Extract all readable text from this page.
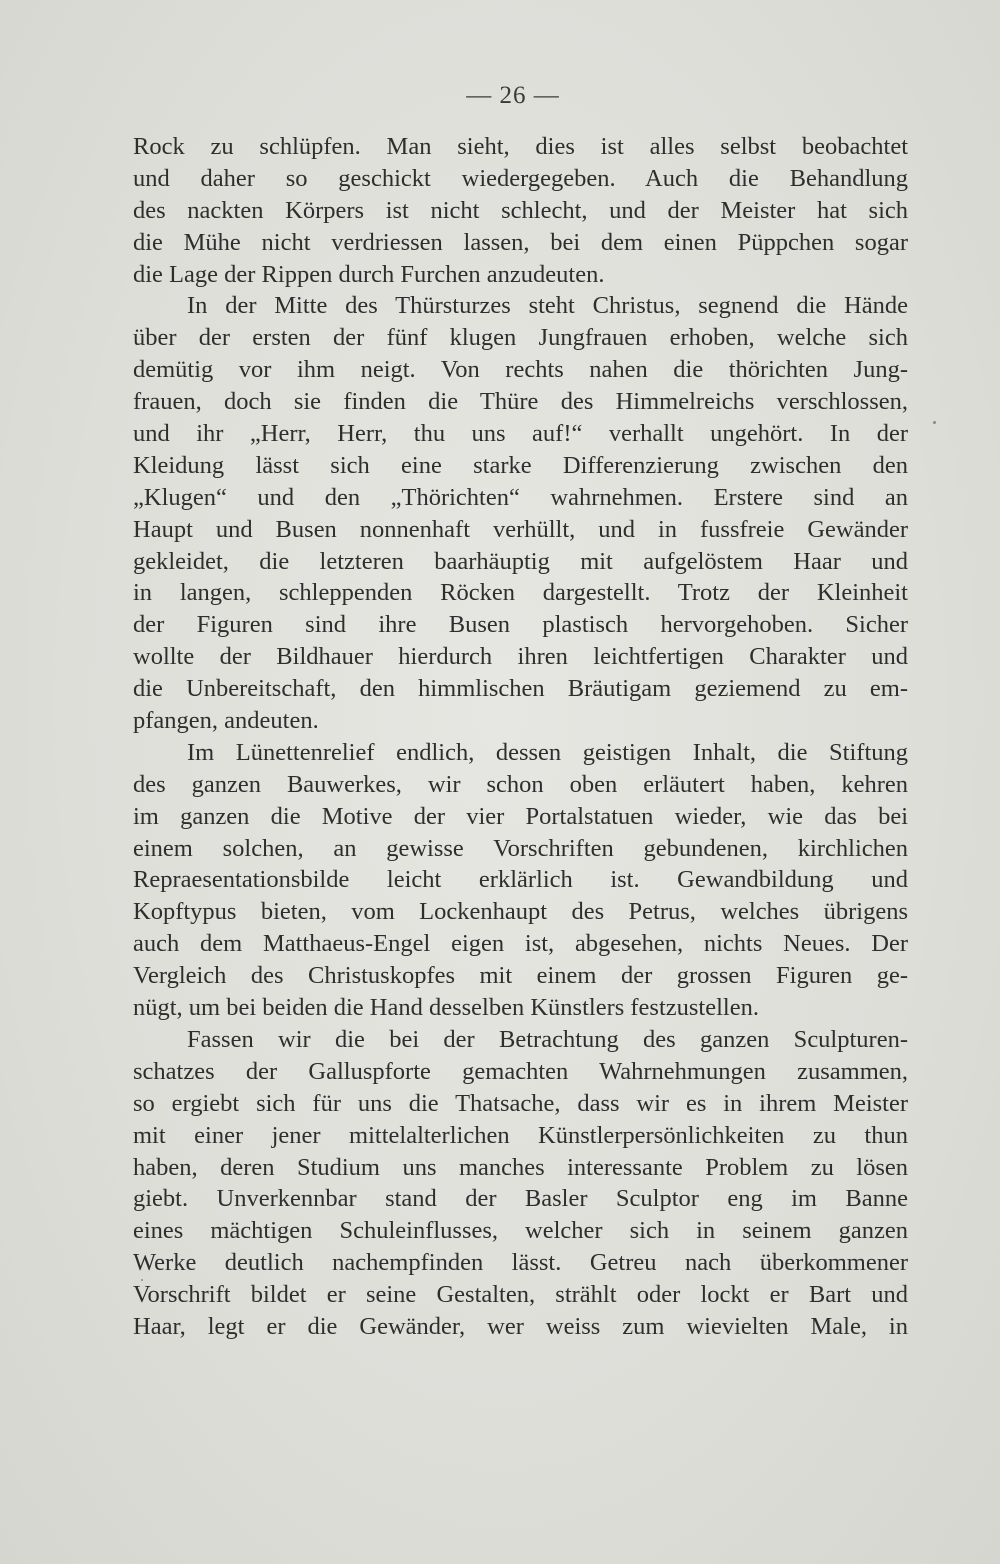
— 26 —
Rock zu schlüpfen. Man sieht, dies ist alles selbst beobachtet
und daher so geschickt wiedergegeben. Auch die Behandlung
des nackten Körpers ist nicht schlecht, und der Meister hat sich
die Mühe nicht verdriessen lassen, bei dem einen Püppchen sogar
die Lage der Rippen durch Furchen anzudeuten.
In der Mitte des Thürsturzes steht Christus, segnend die Hände
über der ersten der fünf klugen Jungfrauen erhoben, welche sich
demütig vor ihm neigt. Von rechts nahen die thörichten Jung-
frauen, doch sie finden die Thüre des Himmelreichs verschlossen,
und ihr „Herr, Herr, thu uns auf!“ verhallt ungehört. In der
Kleidung lässt sich eine starke Differenzierung zwischen den
„Klugen“ und den „Thörichten“ wahrnehmen. Erstere sind an
Haupt und Busen nonnenhaft verhüllt, und in fussfreie Gewänder
gekleidet, die letzteren baarhäuptig mit aufgelöstem Haar und
in langen, schleppenden Röcken dargestellt. Trotz der Kleinheit
der Figuren sind ihre Busen plastisch hervorgehoben. Sicher
wollte der Bildhauer hierdurch ihren leichtfertigen Charakter und
die Unbereitschaft, den himmlischen Bräutigam geziemend zu em-
pfangen, andeuten.
Im Lünettenrelief endlich, dessen geistigen Inhalt, die Stiftung
des ganzen Bauwerkes, wir schon oben erläutert haben, kehren
im ganzen die Motive der vier Portalstatuen wieder, wie das bei
einem solchen, an gewisse Vorschriften gebundenen, kirchlichen
Repraesentationsbilde leicht erklärlich ist. Gewandbildung und
Kopftypus bieten, vom Lockenhaupt des Petrus, welches übrigens
auch dem Matthaeus-Engel eigen ist, abgesehen, nichts Neues. Der
Vergleich des Christuskopfes mit einem der grossen Figuren ge-
nügt, um bei beiden die Hand desselben Künstlers festzustellen.
Fassen wir die bei der Betrachtung des ganzen Sculpturen-
schatzes der Galluspforte gemachten Wahrnehmungen zusammen,
so ergiebt sich für uns die Thatsache, dass wir es in ihrem Meister
mit einer jener mittelalterlichen Künstlerpersönlichkeiten zu thun
haben, deren Studium uns manches interessante Problem zu lösen
giebt. Unverkennbar stand der Basler Sculptor eng im Banne
eines mächtigen Schuleinflusses, welcher sich in seinem ganzen
Werke deutlich nachempfinden lässt. Getreu nach überkommener
Vorschrift bildet er seine Gestalten, strählt oder lockt er Bart und
Haar, legt er die Gewänder, wer weiss zum wievielten Male, in
